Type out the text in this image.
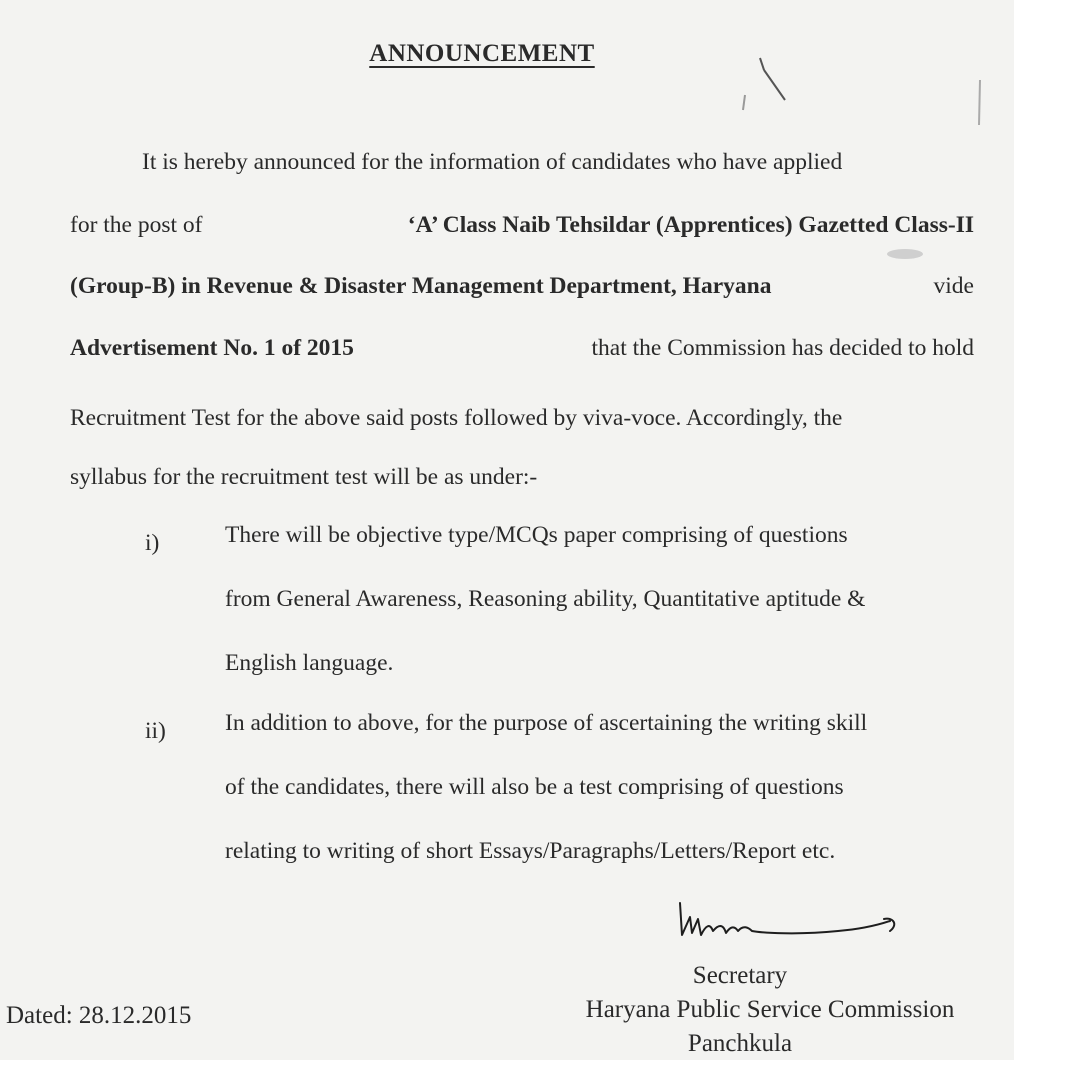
ANNOUNCEMENT
It is hereby announced for the information of candidates who have applied
for the post of	‘A’ Class Naib Tehsildar (Apprentices) Gazetted Class-II
(Group-B) in Revenue & Disaster Management Department, Haryana	vide
Advertisement No. 1 of 2015	that the Commission has decided to hold
Recruitment Test for the above said posts followed by viva-voce. Accordingly, the
syllabus for the recruitment test will be as under:-
i)	There will be objective type/MCQs paper comprising of questions
from General Awareness, Reasoning ability, Quantitative aptitude &
English language.
ii)	In addition to above, for the purpose of ascertaining the writing skill
of the candidates, there will also be a test comprising of questions
relating to writing of short Essays/Paragraphs/Letters/Report etc.
Secretary
Haryana Public Service Commission
Panchkula
Dated: 28.12.2015
